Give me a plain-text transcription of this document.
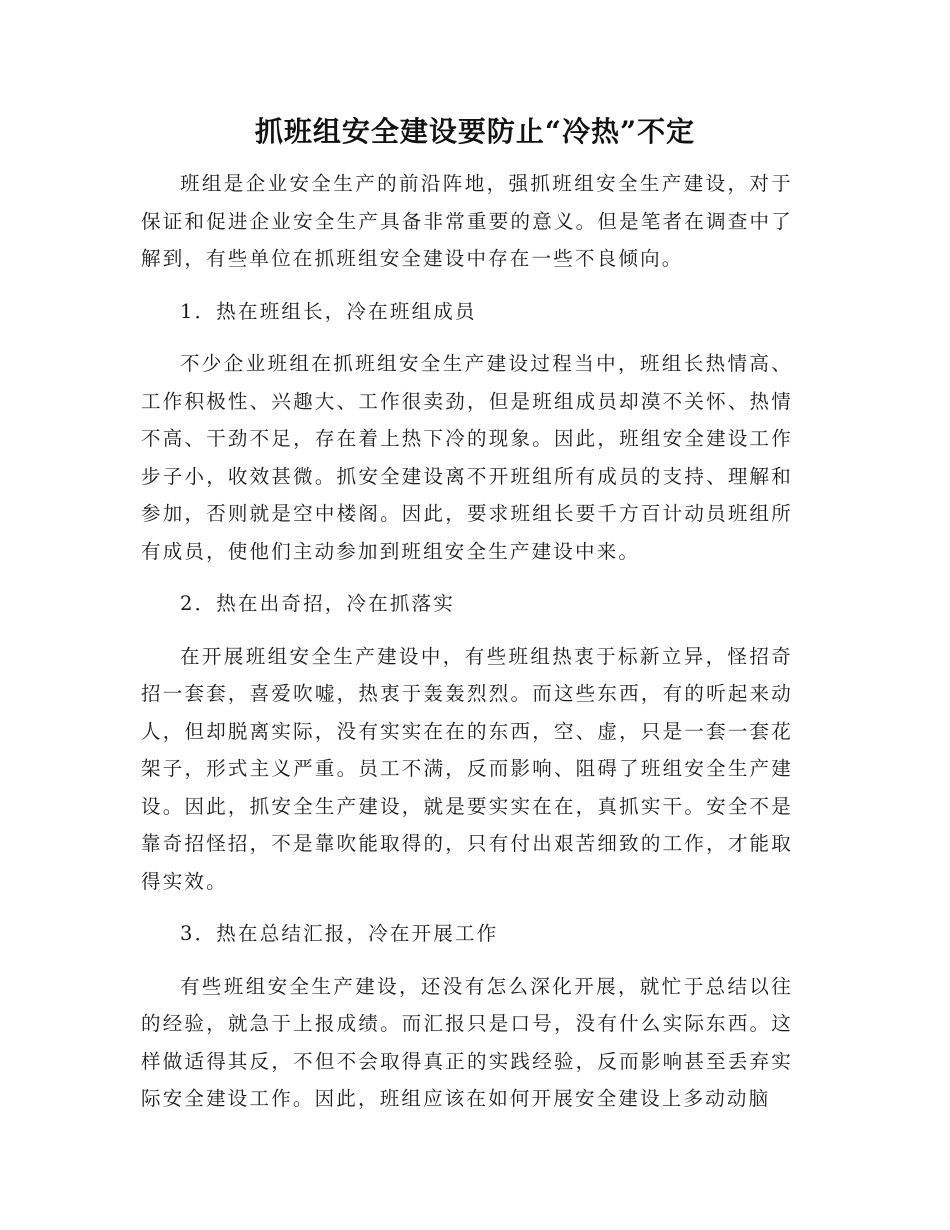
抓班组安全建设要防止“冷热”不定

班组是企业安全生产的前沿阵地，强抓班组安全生产建设，对于保证和促进企业安全生产具备非常重要的意义。但是笔者在调查中了解到，有些单位在抓班组安全建设中存在一些不良倾向。

1．热在班组长，冷在班组成员

不少企业班组在抓班组安全生产建设过程当中，班组长热情高、工作积极性、兴趣大、工作很卖劲，但是班组成员却漠不关怀、热情不高、干劲不足，存在着上热下冷的现象。因此，班组安全建设工作步子小，收效甚微。抓安全建设离不开班组所有成员的支持、理解和参加，否则就是空中楼阁。因此，要求班组长要千方百计动员班组所有成员，使他们主动参加到班组安全生产建设中来。

2．热在出奇招，冷在抓落实

在开展班组安全生产建设中，有些班组热衷于标新立异，怪招奇招一套套，喜爱吹嘘，热衷于轰轰烈烈。而这些东西，有的听起来动人，但却脱离实际，没有实实在在的东西，空、虚，只是一套一套花架子，形式主义严重。员工不满，反而影响、阻碍了班组安全生产建设。因此，抓安全生产建设，就是要实实在在，真抓实干。安全不是靠奇招怪招，不是靠吹能取得的，只有付出艰苦细致的工作，才能取得实效。

3．热在总结汇报，冷在开展工作

有些班组安全生产建设，还没有怎么深化开展，就忙于总结以往的经验，就急于上报成绩。而汇报只是口号，没有什么实际东西。这样做适得其反，不但不会取得真正的实践经验，反而影响甚至丢弃实际安全建设工作。因此，班组应该在如何开展安全建设上多动动脑
